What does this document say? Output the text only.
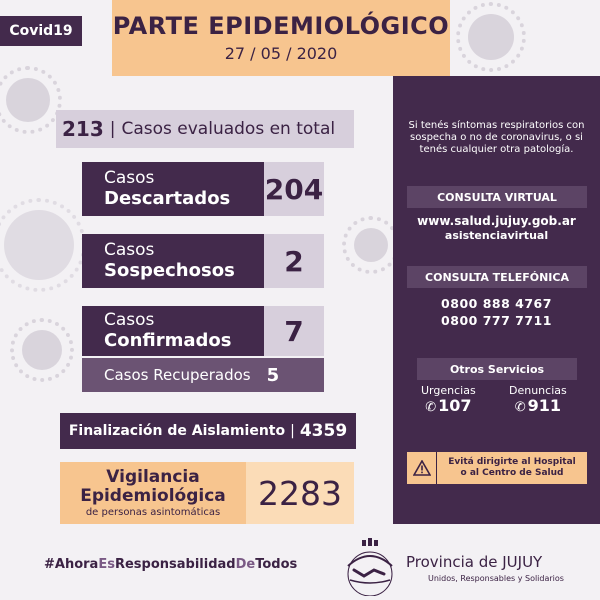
Covid19	PARTE EPIDEMIOLÓGICO
27 / 05 / 2020
213 | Casos evaluados en total
Casos
Descartados	204
Casos
Sospechosos	2
Casos
Confirmados	7
Casos Recuperados 5
Finalización de Aislamiento | 4359
Vigilancia
Epidemiológica
de personas asintomáticas	2283
Si tenés síntomas respiratorios con sospecha o no de coronavirus, o si tenés cualquier otra patología.
CONSULTA VIRTUAL
www.salud.jujuy.gob.ar
asistenciavirtual
CONSULTA TELEFÓNICA
0800 888 4767
0800 777 7711
Otros Servicios
Urgencias
✆ 107
Denuncias
✆ 911
Evitá dirigirte al Hospital
o al Centro de Salud
#AhoraEsResponsabilidadDeTodos	Provincia de JUJUY
Unidos, Responsables y Solidarios
